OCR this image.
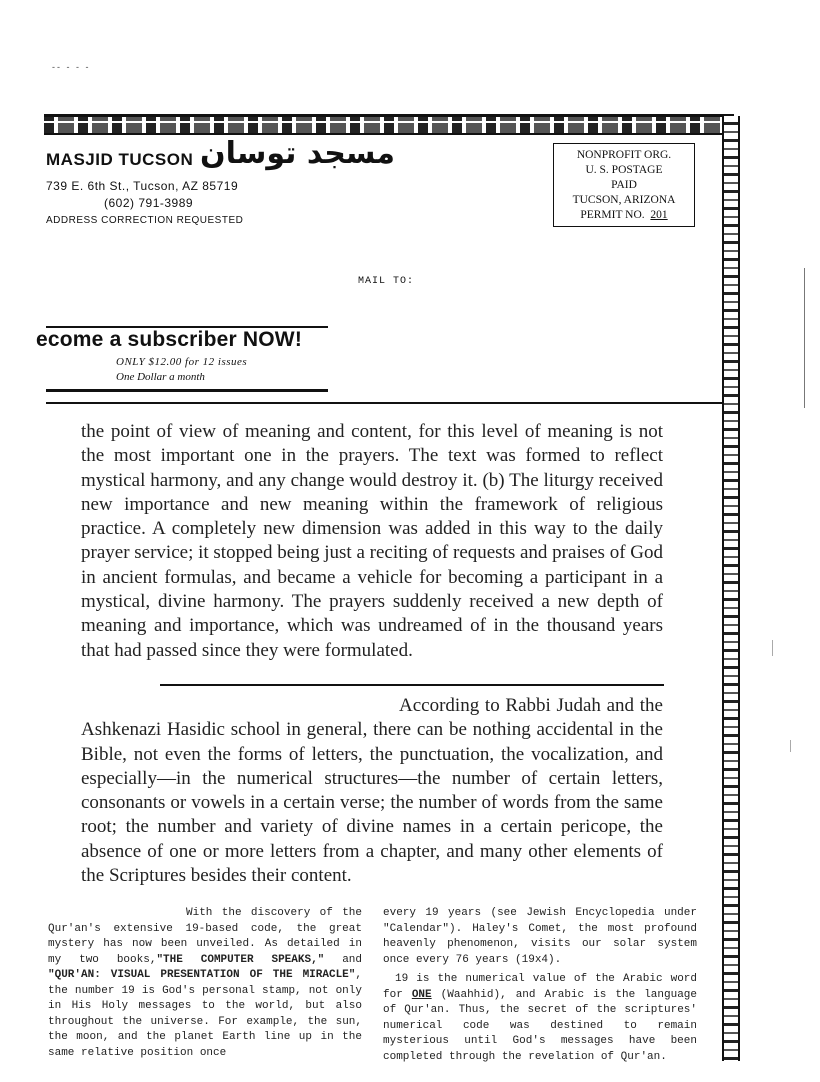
-- - - -
MASJID TUCSON مسجد توسان
739 E. 6th St., Tucson, AZ 85719
(602) 791-3989
ADDRESS CORRECTION REQUESTED
NONPROFIT ORG.
U. S. POSTAGE
PAID
TUCSON, ARIZONA
PERMIT NO. 201
MAIL TO:
ecome a subscriber NOW!
ONLY $12.00 for 12 issues
One Dollar a month
the point of view of meaning and content, for this level of meaning is not the most important one in the prayers. The text was formed to reflect mystical harmony, and any change would destroy it. (b) The liturgy received new importance and new meaning within the framework of religious practice. A completely new dimension was added in this way to the daily prayer service; it stopped being just a reciting of requests and praises of God in ancient formulas, and became a vehicle for becoming a participant in a mystical, divine harmony. The prayers suddenly received a new depth of meaning and importance, which was undreamed of in the thousand years that had passed since they were formulated.
According to Rabbi Judah and the Ashkenazi Hasidic school in general, there can be nothing accidental in the Bible, not even the forms of letters, the punctuation, the vocalization, and especially—in the numerical structures—the number of certain letters, consonants or vowels in a certain verse; the number of words from the same root; the number and variety of divine names in a certain pericope, the absence of one or more letters from a chapter, and many other elements of the Scriptures besides their content.

With the discovery of the Qur'an's extensive 19-based code, the great mystery has now been unveiled. As detailed in my two books,"THE COMPUTER SPEAKS," and "QUR'AN: VISUAL PRESENTATION OF THE MIRACLE", the number 19 is God's personal stamp, not only in His Holy messages to the world, but also throughout the universe. For example, the sun, the moon, and the planet Earth line up in the same relative position once

every 19 years (see Jewish Encyclopedia under "Calendar"). Haley's Comet, the most profound heavenly phenomenon, visits our solar system once every 76 years (19x4).

19 is the numerical value of the Arabic word for ONE (Waahhid), and Arabic is the language of Qur'an. Thus, the secret of the scriptures' numerical code was destined to remain mysterious until God's messages have been completed through the revelation of Qur'an.
